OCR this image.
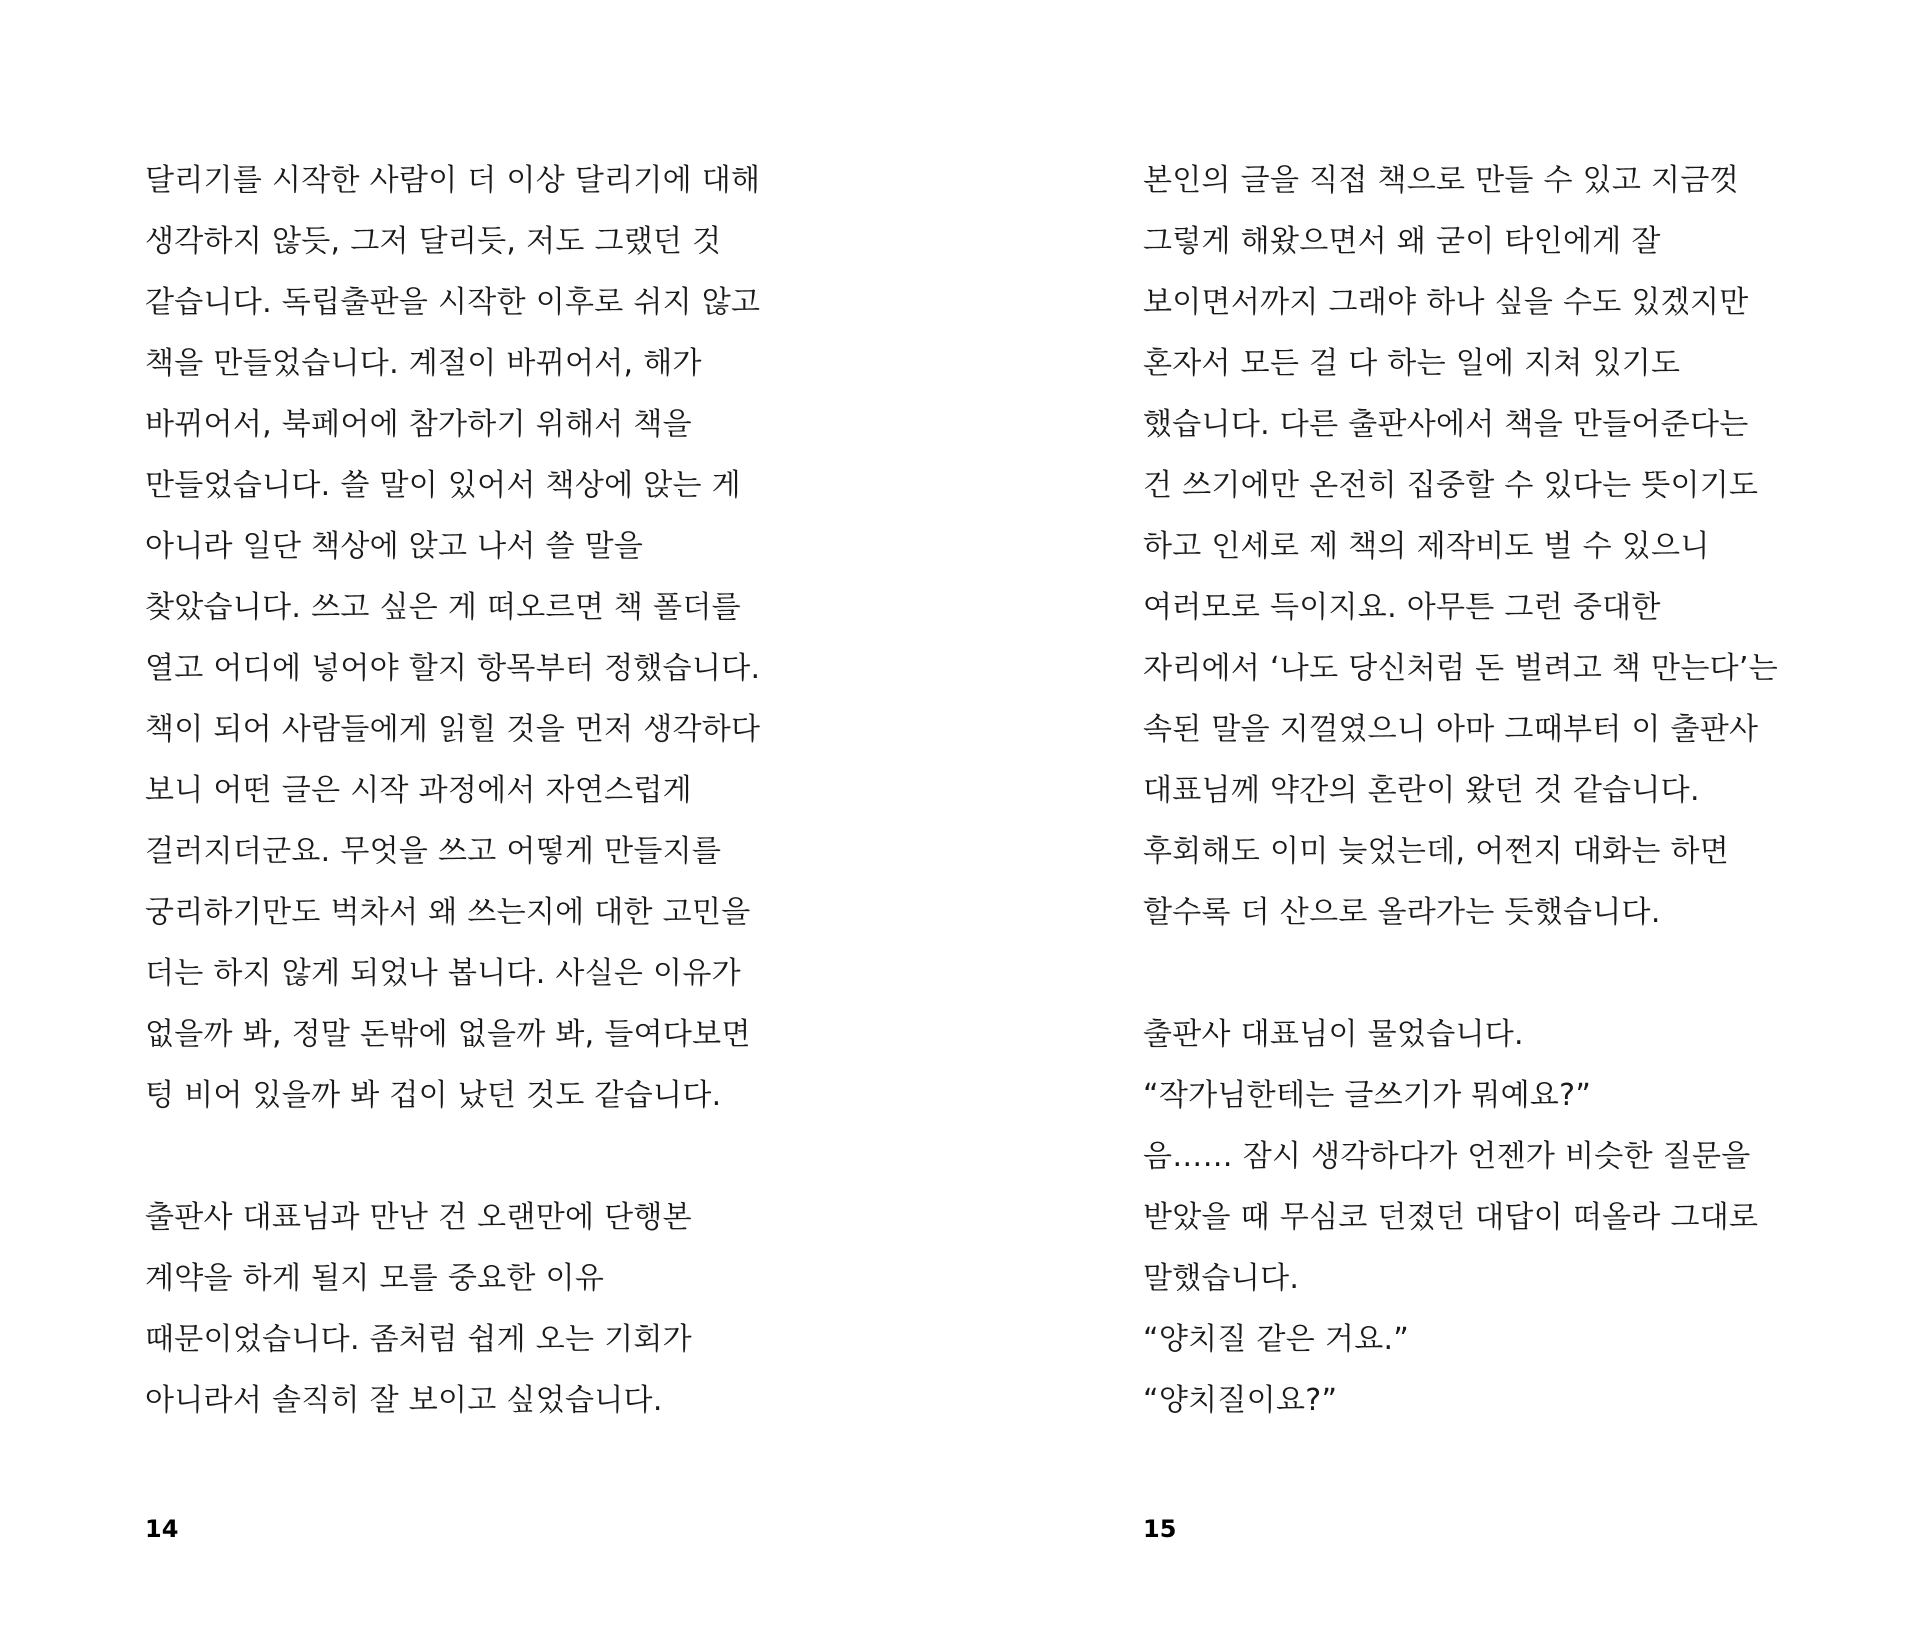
달리기를 시작한 사람이 더 이상 달리기에 대해
생각하지 않듯, 그저 달리듯, 저도 그랬던 것
같습니다. 독립출판을 시작한 이후로 쉬지 않고
책을 만들었습니다. 계절이 바뀌어서, 해가
바뀌어서, 북페어에 참가하기 위해서 책을
만들었습니다. 쓸 말이 있어서 책상에 앉는 게
아니라 일단 책상에 앉고 나서 쓸 말을
찾았습니다. 쓰고 싶은 게 떠오르면 책 폴더를
열고 어디에 넣어야 할지 항목부터 정했습니다.
책이 되어 사람들에게 읽힐 것을 먼저 생각하다
보니 어떤 글은 시작 과정에서 자연스럽게
걸러지더군요. 무엇을 쓰고 어떻게 만들지를
궁리하기만도 벅차서 왜 쓰는지에 대한 고민을
더는 하지 않게 되었나 봅니다. 사실은 이유가
없을까 봐, 정말 돈밖에 없을까 봐, 들여다보면
텅 비어 있을까 봐 겁이 났던 것도 같습니다.
출판사 대표님과 만난 건 오랜만에 단행본
계약을 하게 될지 모를 중요한 이유
때문이었습니다. 좀처럼 쉽게 오는 기회가
아니라서 솔직히 잘 보이고 싶었습니다.
14
본인의 글을 직접 책으로 만들 수 있고 지금껏
그렇게 해왔으면서 왜 굳이 타인에게 잘
보이면서까지 그래야 하나 싶을 수도 있겠지만
혼자서 모든 걸 다 하는 일에 지쳐 있기도
했습니다. 다른 출판사에서 책을 만들어준다는
건 쓰기에만 온전히 집중할 수 있다는 뜻이기도
하고 인세로 제 책의 제작비도 벌 수 있으니
여러모로 득이지요. 아무튼 그런 중대한
자리에서 ‘나도 당신처럼 돈 벌려고 책 만는다’는
속된 말을 지껄였으니 아마 그때부터 이 출판사
대표님께 약간의 혼란이 왔던 것 같습니다.
후회해도 이미 늦었는데, 어쩐지 대화는 하면
할수록 더 산으로 올라가는 듯했습니다.
출판사 대표님이 물었습니다.
“작가님한테는 글쓰기가 뭐예요?”
음…… 잠시 생각하다가 언젠가 비슷한 질문을
받았을 때 무심코 던졌던 대답이 떠올라 그대로
말했습니다.
“양치질 같은 거요.”
“양치질이요?”
15
